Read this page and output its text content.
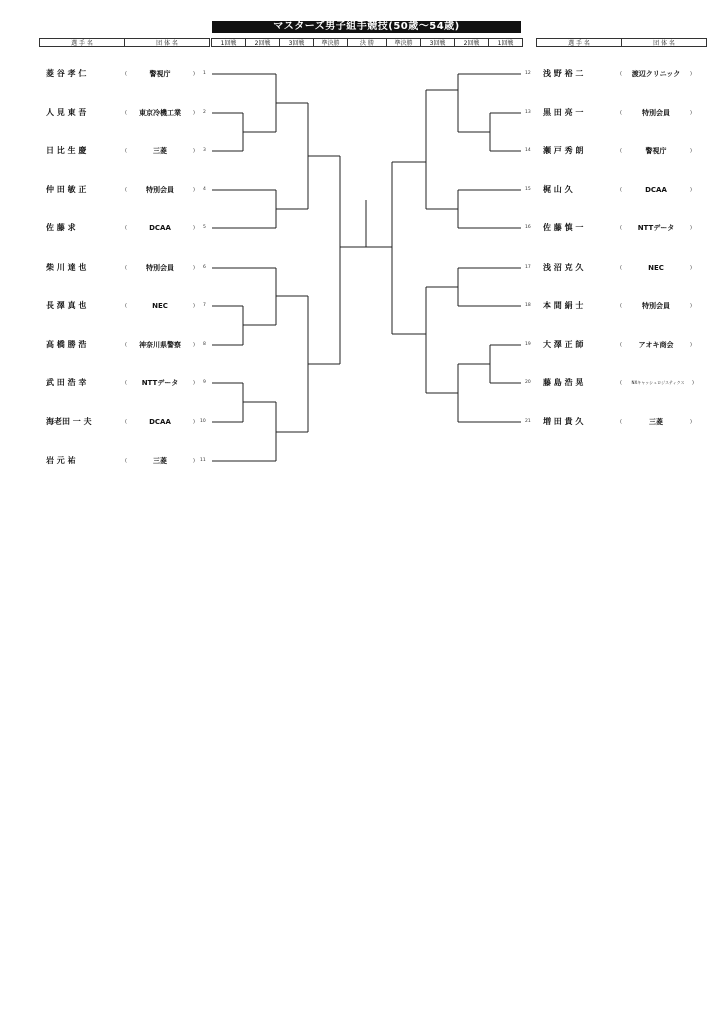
マスターズ男子組手競技(50歳～54歳)
選 手 名	団 体 名	1回戦	2回戦	3回戦	準決勝	決 勝	準決勝	3回戦	2回戦	1回戦	選 手 名	団 体 名
菱 谷 孝 仁	(	警視庁	) 1
人 見 東 吾	(	東京冷機工業	) 2
日 比 生 慶	(	三菱	) 3
仲 田 敏 正	(	特別会員	) 4
佐 藤 求	(	DCAA	) 5
柴 川 達 也	(	特別会員	) 6
長 澤 真 也	(	NEC	) 7
高 橋 勝 浩	(	神奈川県警察	) 8
武 田 浩 幸	(	NTTデータ	) 9
海老田 一 夫	(	DCAA	) 10
岩 元 祐	(	三菱	) 11
12 浅 野 裕 二	(	渡辺クリニック	)
13 黒 田 亮 一	(	特別会員	)
14 瀬 戸 秀 朗	(	警視庁	)
15 梶 山 久	(	DCAA	)
16 佐 藤 慎 一	(	NTTデータ	)
17 浅 沼 克 久	(	NEC	)
18 本 間 絹 士	(	特別会員	)
19 大 澤 正 師	(	アオキ商会	)
20 藤 島 浩 晃	(	NXキャッシュロジスティクス	)
21 増 田 貴 久	(	三菱	)
